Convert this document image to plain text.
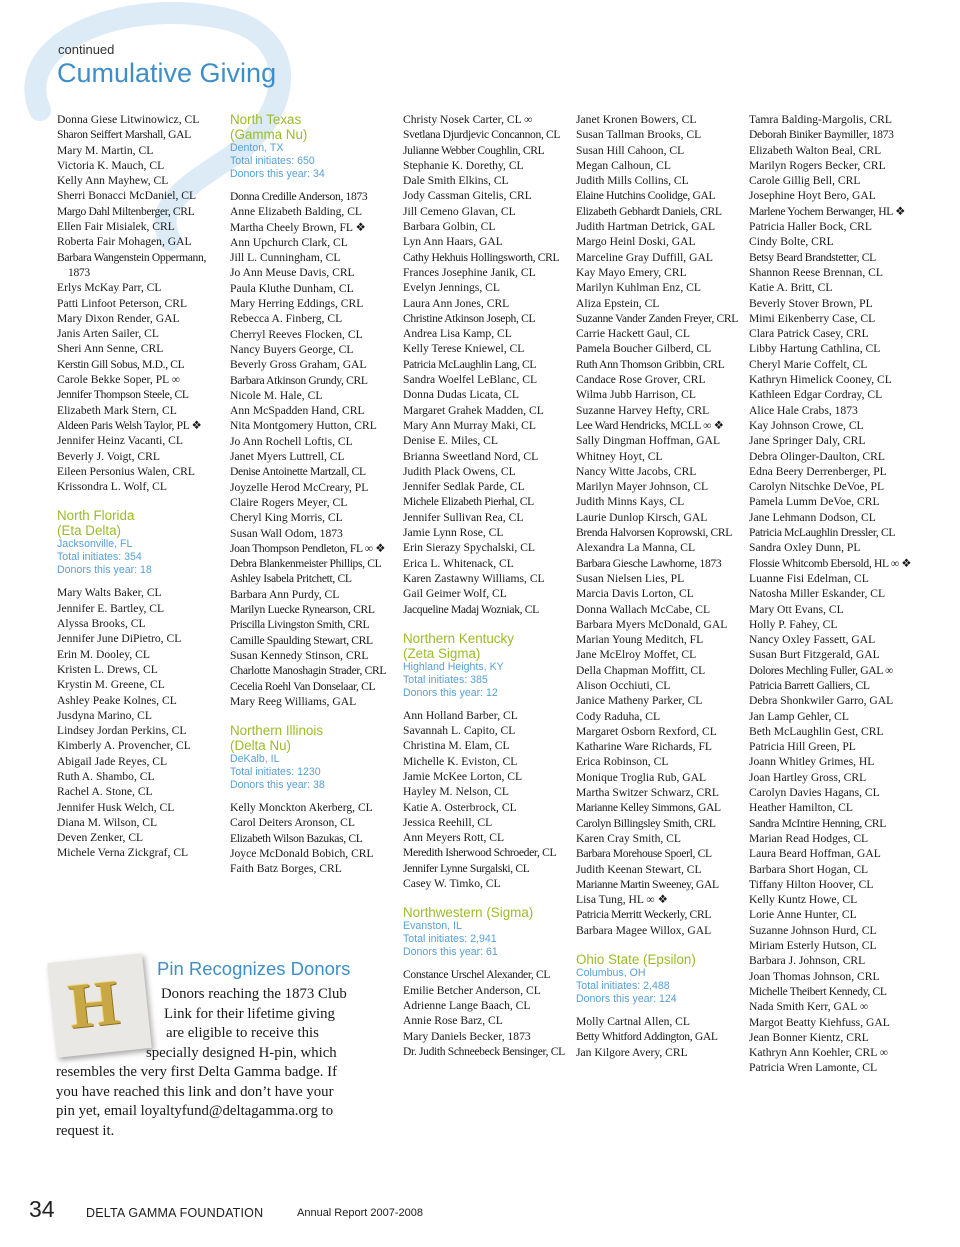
continued
Cumulative Giving
Donna Giese Litwinowicz, CL
Sharon Seiffert Marshall, GAL
Mary M. Martin, CL
Victoria K. Mauch, CL
Kelly Ann Mayhew, CL
Sherri Bonacci McDaniel, CL
Margo Dahl Miltenberger, CRL
Ellen Fair Misialek, CRL
Roberta Fair Mohagen, GAL
Barbara Wangenstein Oppermann, 1873
Erlys McKay Parr, CL
Patti Linfoot Peterson, CRL
Mary Dixon Render, GAL
Janis Arten Sailer, CL
Sheri Ann Senne, CRL
Kerstin Gill Sobus, M.D., CL
Carole Bekke Soper, PL ∞
Jennifer Thompson Steele, CL
Elizabeth Mark Stern, CL
Aldeen Paris Welsh Taylor, PL ❖
Jennifer Heinz Vacanti, CL
Beverly J. Voigt, CRL
Eileen Personius Walen, CRL
Krissondra L. Wolf, CL
North Florida
(Eta Delta)
Jacksonville, FL
Total initiates: 354
Donors this year: 18
Mary Walts Baker, CL
Jennifer E. Bartley, CL
Alyssa Brooks, CL
Jennifer June DiPietro, CL
Erin M. Dooley, CL
Kristen L. Drews, CL
Krystin M. Greene, CL
Ashley Peake Kolnes, CL
Jusdyna Marino, CL
Lindsey Jordan Perkins, CL
Kimberly A. Provencher, CL
Abigail Jade Reyes, CL
Ruth A. Shambo, CL
Rachel A. Stone, CL
Jennifer Husk Welch, CL
Diana M. Wilson, CL
Deven Zenker, CL
Michele Verna Zickgraf, CL
North Texas
(Gamma Nu)
Denton, TX
Total initiates: 650
Donors this year: 34
Donna Credille Anderson, 1873
Anne Elizabeth Balding, CL
Martha Cheely Brown, FL ❖
Ann Upchurch Clark, CL
Jill L. Cunningham, CL
Jo Ann Meuse Davis, CRL
Paula Kluthe Dunham, CL
Mary Herring Eddings, CRL
Rebecca A. Finberg, CL
Cherryl Reeves Flocken, CL
Nancy Buyers George, CL
Beverly Gross Graham, GAL
Barbara Atkinson Grundy, CRL
Nicole M. Hale, CL
Ann McSpadden Hand, CRL
Nita Montgomery Hutton, CRL
Jo Ann Rochell Loftis, CL
Janet Myers Luttrell, CL
Denise Antoinette Martzall, CL
Joyzelle Herod McCreary, PL
Claire Rogers Meyer, CL
Cheryl King Morris, CL
Susan Wall Odom, 1873
Joan Thompson Pendleton, FL ∞ ❖
Debra Blankenmeister Phillips, CL
Ashley Isabela Pritchett, CL
Barbara Ann Purdy, CL
Marilyn Luecke Rynearson, CRL
Priscilla Livingston Smith, CRL
Camille Spaulding Stewart, CRL
Susan Kennedy Stinson, CRL
Charlotte Manoshagin Strader, CRL
Cecelia Roehl Van Donselaar, CL
Mary Reeg Williams, GAL
Northern Illinois
(Delta Nu)
DeKalb, IL
Total initiates: 1230
Donors this year: 38
Kelly Monckton Akerberg, CL
Carol Deiters Aronson, CL
Elizabeth Wilson Bazukas, CL
Joyce McDonald Bobich, CRL
Faith Batz Borges, CRL
Christy Nosek Carter, CL ∞
Svetlana Djurdjevic Concannon, CL
Julianne Webber Coughlin, CRL
Stephanie K. Dorethy, CL
Dale Smith Elkins, CL
Jody Cassman Gitelis, CRL
Jill Cemeno Glavan, CL
Barbara Golbin, CL
Lyn Ann Haars, GAL
Cathy Hekhuis Hollingsworth, CRL
Frances Josephine Janik, CL
Evelyn Jennings, CL
Laura Ann Jones, CRL
Christine Atkinson Joseph, CL
Andrea Lisa Kamp, CL
Kelly Terese Kniewel, CL
Patricia McLaughlin Lang, CL
Sandra Woelfel LeBlanc, CL
Donna Dudas Licata, CL
Margaret Grahek Madden, CL
Mary Ann Murray Maki, CL
Denise E. Miles, CL
Brianna Sweetland Nord, CL
Judith Plack Owens, CL
Jennifer Sedlak Parde, CL
Michele Elizabeth Pierhal, CL
Jennifer Sullivan Rea, CL
Jamie Lynn Rose, CL
Erin Sierazy Spychalski, CL
Erica L. Whitenack, CL
Karen Zastawny Williams, CL
Gail Geimer Wolf, CL
Jacqueline Madaj Wozniak, CL
Northern Kentucky
(Zeta Sigma)
Highland Heights, KY
Total initiates: 385
Donors this year: 12
Ann Holland Barber, CL
Savannah L. Capito, CL
Christina M. Elam, CL
Michelle K. Eviston, CL
Jamie McKee Lorton, CL
Hayley M. Nelson, CL
Katie A. Osterbrock, CL
Jessica Reehill, CL
Ann Meyers Rott, CL
Meredith Isherwood Schroeder, CL
Jennifer Lynne Surgalski, CL
Casey W. Timko, CL
Northwestern (Sigma)
Evanston, IL
Total initiates: 2,941
Donors this year: 61
Constance Urschel Alexander, CL
Emilie Betcher Anderson, CL
Adrienne Lange Baach, CL
Annie Rose Barz, CL
Mary Daniels Becker, 1873
Dr. Judith Schneebeck Bensinger, CL
Janet Kronen Bowers, CL
Susan Tallman Brooks, CL
Susan Hill Cahoon, CL
Megan Calhoun, CL
Judith Mills Collins, CL
Elaine Hutchins Coolidge, GAL
Elizabeth Gebhardt Daniels, CRL
Judith Hartman Detrick, GAL
Margo Heinl Doski, GAL
Marceline Gray Duffill, GAL
Kay Mayo Emery, CRL
Marilyn Kuhlman Enz, CL
Aliza Epstein, CL
Suzanne Vander Zanden Freyer, CRL
Carrie Hackett Gaul, CL
Pamela Boucher Gilberd, CL
Ruth Ann Thomson Gribbin, CRL
Candace Rose Grover, CRL
Wilma Jubb Harrison, CL
Suzanne Harvey Hefty, CRL
Lee Ward Hendricks, MCLL ∞ ❖
Sally Dingman Hoffman, GAL
Whitney Hoyt, CL
Nancy Witte Jacobs, CRL
Marilyn Mayer Johnson, CL
Judith Minns Kays, CL
Laurie Dunlop Kirsch, GAL
Brenda Halvorsen Koprowski, CRL
Alexandra La Manna, CL
Barbara Giesche Lawhorne, 1873
Susan Nielsen Lies, PL
Marcia Davis Lorton, CL
Donna Wallach McCabe, CL
Barbara Myers McDonald, GAL
Marian Young Meditch, FL
Jane McElroy Moffet, CL
Della Chapman Moffitt, CL
Alison Occhiuti, CL
Janice Matheny Parker, CL
Cody Raduha, CL
Margaret Osborn Rexford, CL
Katharine Ware Richards, FL
Erica Robinson, CL
Monique Troglia Rub, GAL
Martha Switzer Schwarz, CRL
Marianne Kelley Simmons, GAL
Carolyn Billingsley Smith, CRL
Karen Cray Smith, CL
Barbara Morehouse Spoerl, CL
Judith Keenan Stewart, CL
Marianne Martin Sweeney, GAL
Lisa Tung, HL ∞ ❖
Patricia Merritt Weckerly, CRL
Barbara Magee Willox, GAL
Ohio State (Epsilon)
Columbus, OH
Total initiates: 2,488
Donors this year: 124
Molly Cartnal Allen, CL
Betty Whitford Addington, GAL
Jan Kilgore Avery, CRL
Tamra Balding-Margolis, CRL
Deborah Biniker Baymiller, 1873
Elizabeth Walton Beal, CRL
Marilyn Rogers Becker, CRL
Carole Gillig Bell, CRL
Josephine Hoyt Bero, GAL
Marlene Yochem Berwanger, HL ❖
Patricia Haller Bock, CRL
Cindy Bolte, CRL
Betsy Beard Brandstetter, CL
Shannon Reese Brennan, CL
Katie A. Britt, CL
Beverly Stover Brown, PL
Mimi Eikenberry Case, CL
Clara Patrick Casey, CRL
Libby Hartung Cathlina, CL
Cheryl Marie Coffelt, CL
Kathryn Himelick Cooney, CL
Kathleen Edgar Cordray, CL
Alice Hale Crabs, 1873
Kay Johnson Crowe, CL
Jane Springer Daly, CRL
Debra Olinger-Daulton, CRL
Edna Beery Derrenberger, PL
Carolyn Nitschke DeVoe, PL
Pamela Lumm DeVoe, CRL
Jane Lehmann Dodson, CL
Patricia McLaughlin Dressler, CL
Sandra Oxley Dunn, PL
Flossie Whitcomb Ebersold, HL ∞ ❖
Luanne Fisi Edelman, CL
Natosha Miller Eskander, CL
Mary Ott Evans, CL
Holly P. Fahey, CL
Nancy Oxley Fassett, GAL
Susan Burt Fitzgerald, GAL
Dolores Mechling Fuller, GAL ∞
Patricia Barrett Galliers, CL
Debra Shonkwiler Garro, GAL
Jan Lamp Gehler, CL
Beth McLaughlin Gest, CRL
Patricia Hill Green, PL
Joann Whitley Grimes, HL
Joan Hartley Gross, CRL
Carolyn Davies Hagans, CL
Heather Hamilton, CL
Sandra McIntire Henning, CRL
Marian Read Hodges, CL
Laura Beard Hoffman, GAL
Barbara Short Hogan, CL
Tiffany Hilton Hoover, CL
Kelly Kuntz Howe, CL
Lorie Anne Hunter, CL
Suzanne Johnson Hurd, CL
Miriam Esterly Hutson, CL
Barbara J. Johnson, CRL
Joan Thomas Johnson, CRL
Michelle Theibert Kennedy, CL
Nada Smith Kerr, GAL ∞
Margot Beatty Kiehfuss, GAL
Jean Bonner Kientz, CRL
Kathryn Ann Koehler, CRL ∞
Patricia Wren Lamonte, CL
H Pin Recognizes Donors
Donors reaching the 1873 Club
Link for their lifetime giving
are eligible to receive this
specially designed H-pin, which
resembles the very first Delta Gamma badge. If
you have reached this link and don’t have your
pin yet, email loyaltyfund@deltagamma.org to
request it.
34	DELTA GAMMA FOUNDATION	Annual Report 2007-2008
